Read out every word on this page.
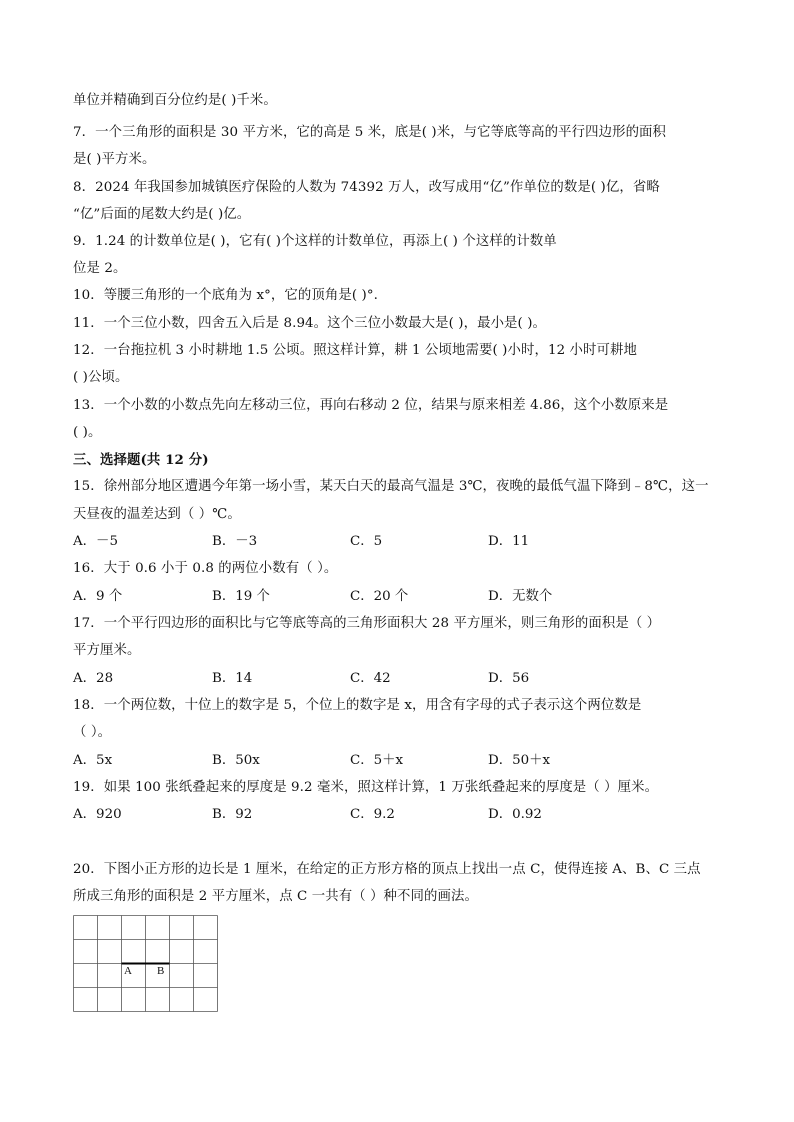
单位并精确到百分位约是( )千米。
7．一个三角形的面积是 30 平方米，它的高是 5 米，底是( )米，与它等底等高的平行四边形的面积
是( )平方米。
8．2024 年我国参加城镇医疗保险的人数为 74392 万人，改写成用“亿”作单位的数是( )亿，省略
“亿”后面的尾数大约是( )亿。
9．1.24 的计数单位是( )，它有( )个这样的计数单位，再添上( ) 个这样的计数单
位是 2。
10．等腰三角形的一个底角为 x°，它的顶角是( )°.
11．一个三位小数，四舍五入后是 8.94。这个三位小数最大是( )，最小是( )。
12．一台拖拉机 3 小时耕地 1.5 公顷。照这样计算，耕 1 公顷地需要( )小时，12 小时可耕地
( )公顷。
13．一个小数的小数点先向左移动三位，再向右移动 2 位，结果与原来相差 4.86，这个小数原来是
( )。
三、选择题(共 12 分)
15．徐州部分地区遭遇今年第一场小雪，某天白天的最高气温是 3℃，夜晚的最低气温下降到﹣8℃，这一
天昼夜的温差达到（ ）℃。
A．－5	B．－3	C．5	D．11
16．大于 0.6 小于 0.8 的两位小数有（ ）。
A．9 个	B．19 个	C．20 个	D．无数个
17．一个平行四边形的面积比与它等底等高的三角形面积大 28 平方厘米，则三角形的面积是（ ）
平方厘米。
A．28	B．14	C．42	D．56
18．一个两位数，十位上的数字是 5，个位上的数字是 x，用含有字母的式子表示这个两位数是
（ ）。
A．5x	B．50x	C．5＋x	D．50＋x
19．如果 100 张纸叠起来的厚度是 9.2 毫米，照这样计算，1 万张纸叠起来的厚度是（ ）厘米。
A．920	B．92	C．9.2	D．0.92
20．下图小正方形的边长是 1 厘米，在给定的正方形方格的顶点上找出一点 C，使得连接 A、B、C 三点
所成三角形的面积是 2 平方厘米，点 C 一共有（ ）种不同的画法。
A B
